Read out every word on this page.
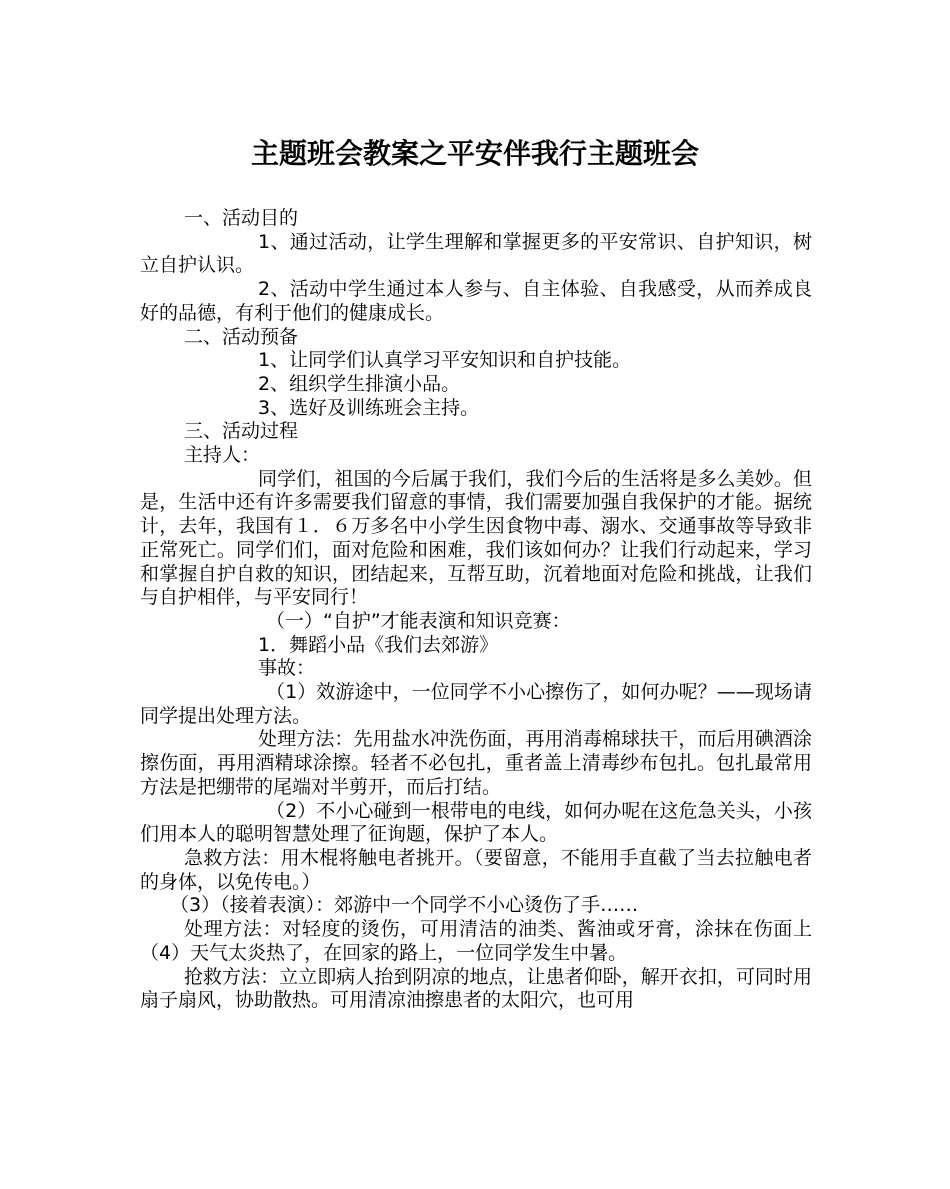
主题班会教案之平安伴我行主题班会

一、活动目的

1、通过活动，让学生理解和掌握更多的平安常识、自护知识，树立自护认识。

2、活动中学生通过本人参与、自主体验、自我感受，从而养成良好的品德，有利于他们的健康成长。

二、活动预备

1、让同学们认真学习平安知识和自护技能。

2、组织学生排演小品。

3、选好及训练班会主持。

三、活动过程

主持人：

同学们，祖国的今后属于我们，我们今后的生活将是多么美妙。但是，生活中还有许多需要我们留意的事情，我们需要加强自我保护的才能。据统计，去年，我国有１．６万多名中小学生因食物中毒、溺水、交通事故等导致非正常死亡。同学们们，面对危险和困难，我们该如何办？让我们行动起来，学习和掌握自护自救的知识，团结起来，互帮互助，沉着地面对危险和挑战，让我们与自护相伴，与平安同行！

（一）“自护”才能表演和知识竞赛：

1．舞蹈小品《我们去郊游》

事故：

（1）效游途中，一位同学不小心擦伤了，如何办呢？——现场请同学提出处理方法。

处理方法：先用盐水冲洗伤面，再用消毒棉球扶干，而后用碘酒涂擦伤面，再用酒精球涂擦。轻者不必包扎，重者盖上清毒纱布包扎。包扎最常用方法是把绷带的尾端对半剪开，而后打结。

（2）不小心碰到一根带电的电线，如何办呢在这危急关头，小孩们用本人的聪明智慧处理了征询题，保护了本人。

急救方法：用木棍将触电者挑开。（要留意，不能用手直截了当去拉触电者的身体，以免传电。）

（3）（接着表演）：郊游中一个同学不小心烫伤了手……

处理方法：对轻度的烫伤，可用清洁的油类、酱油或牙膏，涂抹在伤面上　　（4）天气太炎热了，在回家的路上，一位同学发生中暑。

抢救方法：立立即病人抬到阴凉的地点，让患者仰卧，解开衣扣，可同时用扇子扇风，协助散热。可用清凉油擦患者的太阳穴，也可用
